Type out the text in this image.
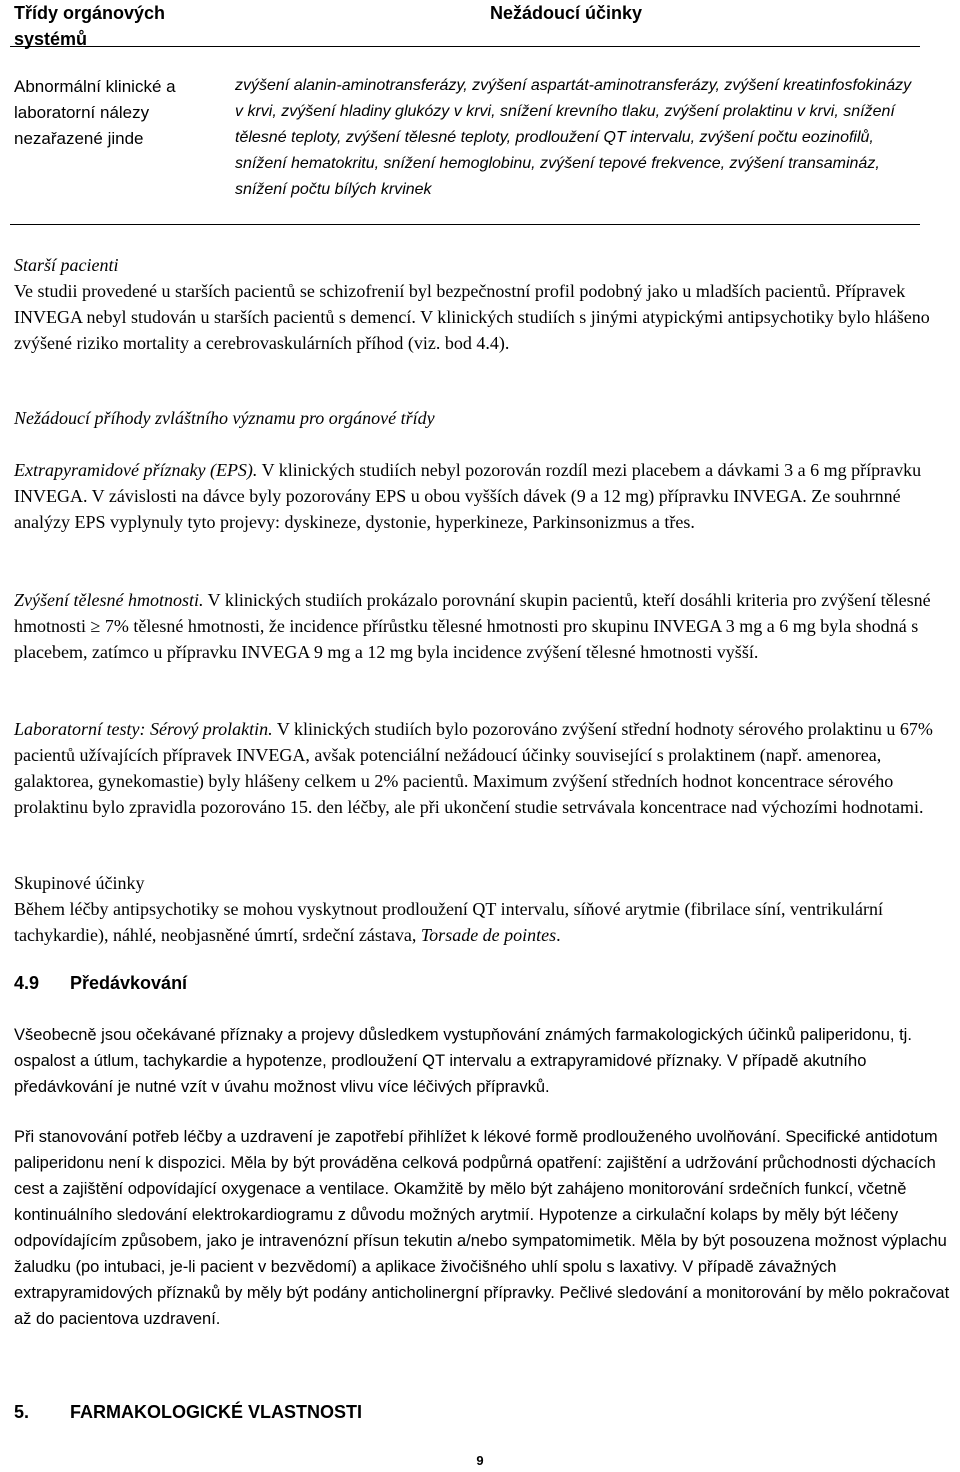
Třídy orgánových systémů
Nežádoucí účinky
Abnormální klinické a laboratorní nálezy nezařazené jinde
zvýšení alanin-aminotransferázy, zvýšení aspartát-aminotransferázy, zvýšení kreatinfosfokinázy v krvi, zvýšení hladiny glukózy v krvi, snížení krevního tlaku, zvýšení prolaktinu v krvi, snížení tělesné teploty, zvýšení tělesné teploty, prodloužení QT intervalu, zvýšení počtu eozinofilů, snížení hematokritu, snížení hemoglobinu, zvýšení tepové frekvence, zvýšení transamináz, snížení počtu bílých krvinek
Starší pacienti
Ve studii provedené u starších pacientů se schizofrenií byl bezpečnostní profil podobný jako u mladších pacientů. Přípravek INVEGA nebyl studován u starších pacientů s demencí. V klinických studiích s jinými atypickými antipsychotiky bylo hlášeno zvýšené riziko mortality a cerebrovaskulárních příhod (viz. bod 4.4).
Nežádoucí příhody zvláštního významu pro orgánové třídy
Extrapyramidové příznaky (EPS). V klinických studiích nebyl pozorován rozdíl mezi placebem a dávkami 3 a 6 mg přípravku INVEGA. V závislosti na dávce byly pozorovány EPS u obou vyšších dávek (9 a 12 mg) přípravku INVEGA. Ze souhrnné analýzy EPS vyplynuly tyto projevy: dyskineze, dystonie, hyperkineze, Parkinsonizmus a třes.
Zvýšení tělesné hmotnosti. V klinických studiích prokázalo porovnání skupin pacientů, kteří dosáhli kriteria pro zvýšení tělesné hmotnosti ≥ 7% tělesné hmotnosti, že incidence přírůstku tělesné hmotnosti pro skupinu INVEGA 3 mg a 6 mg byla shodná s placebem, zatímco u přípravku INVEGA 9 mg a 12 mg byla incidence zvýšení tělesné hmotnosti vyšší.
Laboratorní testy: Sérový prolaktin. V klinických studiích bylo pozorováno zvýšení střední hodnoty sérového prolaktinu u 67% pacientů užívajících přípravek INVEGA, avšak potenciální nežádoucí účinky související s prolaktinem (např. amenorea, galaktorea, gynekomastie) byly hlášeny celkem u 2% pacientů. Maximum zvýšení středních hodnot koncentrace sérového prolaktinu bylo zpravidla pozorováno 15. den léčby, ale při ukončení studie setrvávala koncentrace nad výchozími hodnotami.
Skupinové účinky
Během léčby antipsychotiky se mohou vyskytnout prodloužení QT intervalu, síňové arytmie (fibrilace síní, ventrikulární tachykardie), náhlé, neobjasněné úmrtí, srdeční zástava, Torsade de pointes.
4.9 Předávkování
Všeobecně jsou očekávané příznaky a projevy důsledkem vystupňování známých farmakologických účinků paliperidonu, tj. ospalost a útlum, tachykardie a hypotenze, prodloužení QT intervalu a extrapyramidové příznaky. V případě akutního předávkování je nutné vzít v úvahu možnost vlivu více léčivých přípravků.
Při stanovování potřeb léčby a uzdravení je zapotřebí přihlížet k lékové formě prodlouženého uvolňování. Specifické antidotum paliperidonu není k dispozici. Měla by být prováděna celková podpůrná opatření: zajištění a udržování průchodnosti dýchacích cest a zajištění odpovídající oxygenace a ventilace. Okamžitě by mělo být zahájeno monitorování srdečních funkcí, včetně kontinuálního sledování elektrokardiogramu z důvodu možných arytmií. Hypotenze a cirkulační kolaps by měly být léčeny odpovídajícím způsobem, jako je intravenózní přísun tekutin a/nebo sympatomimetik. Měla by být posouzena možnost výplachu žaludku (po intubaci, je-li pacient v bezvědomí) a aplikace živočišného uhlí spolu s laxativy. V případě závažných extrapyramidových příznaků by měly být podány anticholinergní přípravky. Pečlivé sledování a monitorování by mělo pokračovat až do pacientova uzdravení.
5. FARMAKOLOGICKÉ VLASTNOSTI
9
